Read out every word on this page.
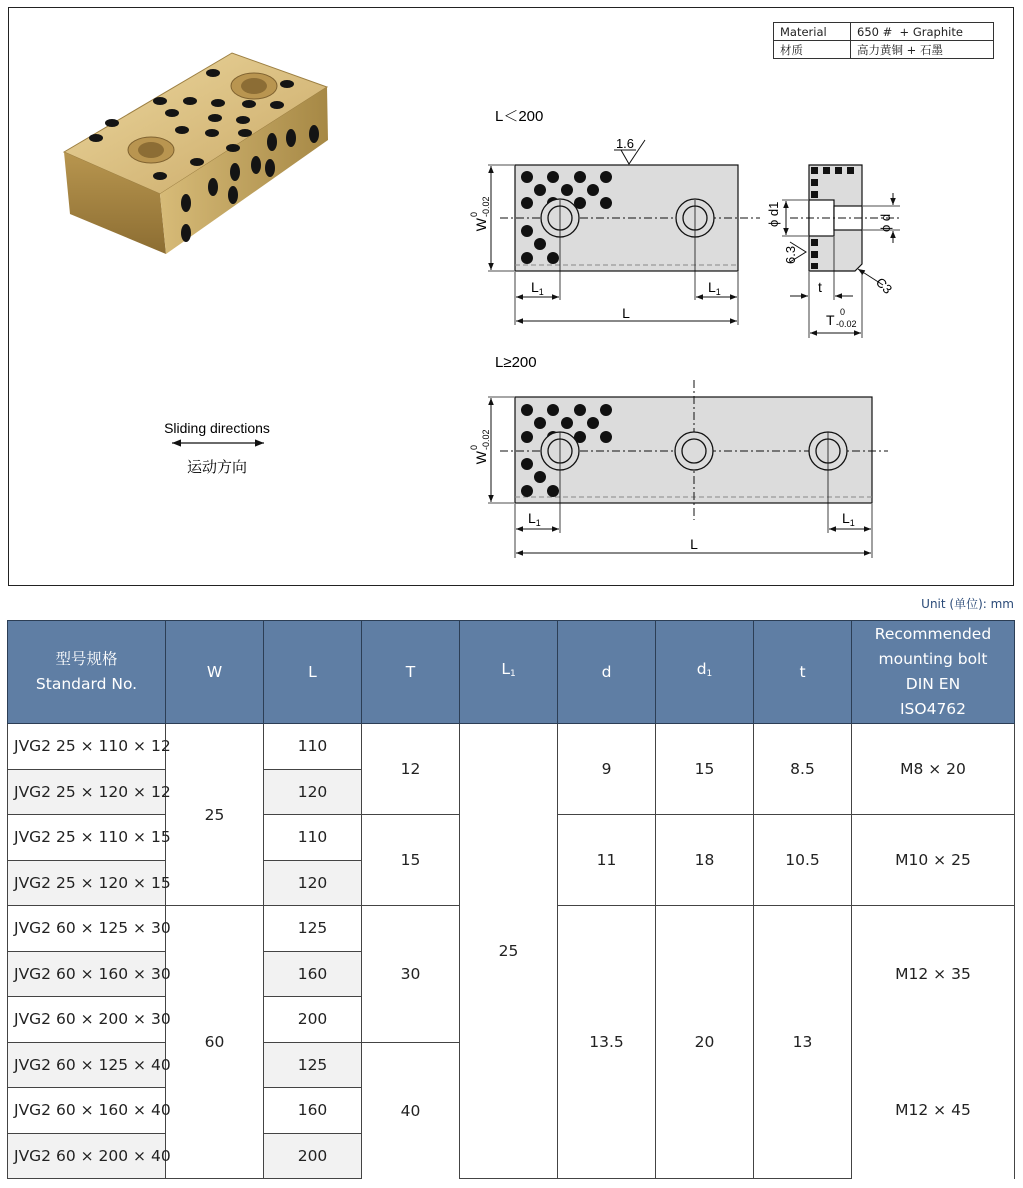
Sliding directions
运动方向
L＜200
1.6
$L_1$	$L_1$
L
W
0 -0.02	ϕ d1	ϕ d
6.3
t
T 0
-0.02
C3
L≥200
$L_1$	$L_1$
L
W
0 -0.02
Material	650 #  + Graphite
材质	高力黄铜 + 石墨
Unit (单位): mm
型号规格
Standard No.	W	L	T	$L_1$	d	$d_1$	t	Recommended
mounting bolt
DIN EN
ISO4762
JVG2 25 × 110 × 12	25	110	12	25	9	15	8.5	M8 × 20
JVG2 25 × 120 × 12		120						
JVG2 25 × 110 × 15		110	15		11	18	10.5	M10 × 25
JVG2 25 × 120 × 15		120						
JVG2 60 × 125 × 30	60	125	30		13.5	20	13	M12 × 35
JVG2 60 × 160 × 30		160						
JVG2 60 × 200 × 30		200						
JVG2 60 × 125 × 40		125	40					M12 × 45
JVG2 60 × 160 × 40		160						
JVG2 60 × 200 × 40		200						
